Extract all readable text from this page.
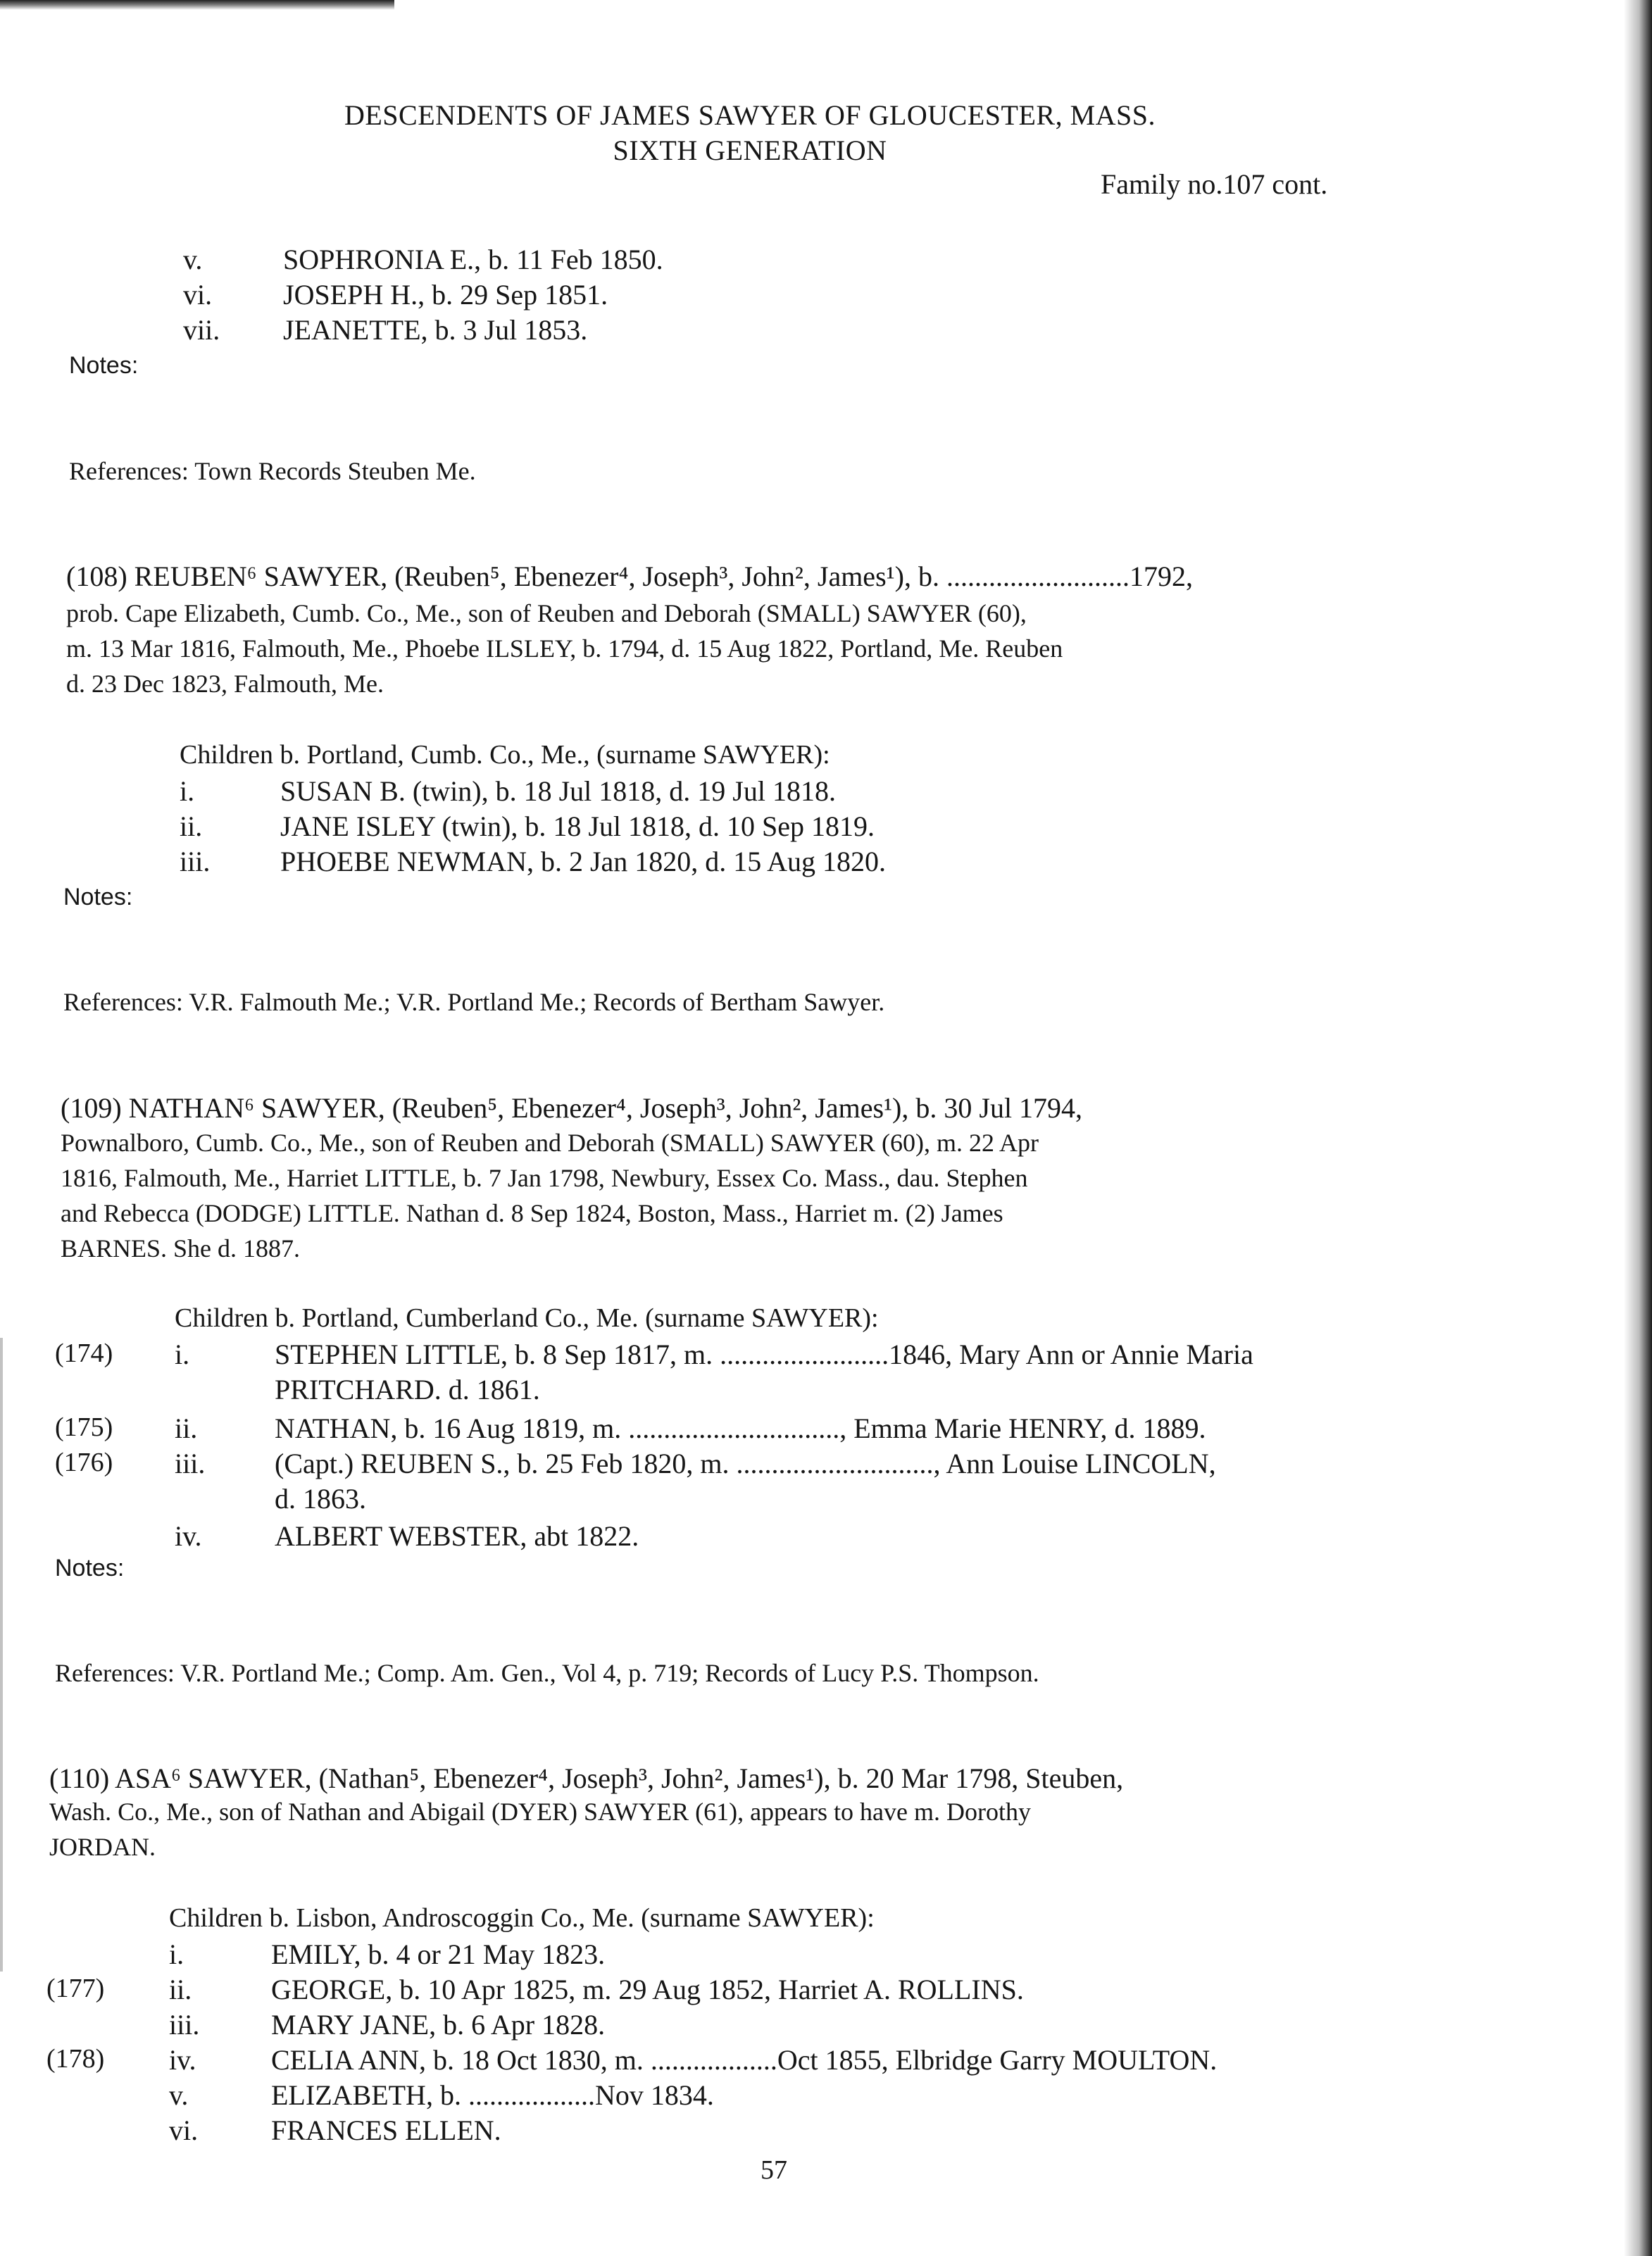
DESCENDENTS OF JAMES SAWYER OF GLOUCESTER, MASS.
SIXTH GENERATION
Family no.107 cont.
v.	SOPHRONIA E., b. 11 Feb 1850.
vi.	JOSEPH H., b. 29 Sep 1851.
vii. JEANETTE, b. 3 Jul 1853.
Notes:
References: Town Records Steuben Me.
(108) REUBEN⁶ SAWYER, (Reuben⁵, Ebenezer⁴, Joseph³, John², James¹), b. ..........................1792,
prob. Cape Elizabeth, Cumb. Co., Me., son of Reuben and Deborah (SMALL) SAWYER (60),
m. 13 Mar 1816, Falmouth, Me., Phoebe ILSLEY, b. 1794, d. 15 Aug 1822, Portland, Me. Reuben
d. 23 Dec 1823, Falmouth, Me.
Children b. Portland, Cumb. Co., Me., (surname SAWYER):
i.	SUSAN B. (twin), b. 18 Jul 1818, d. 19 Jul 1818.
ii.	JANE ISLEY (twin), b. 18 Jul 1818, d. 10 Sep 1819.
iii. PHOEBE NEWMAN, b. 2 Jan 1820, d. 15 Aug 1820.
Notes:
References: V.R. Falmouth Me.; V.R. Portland Me.; Records of Bertham Sawyer.
(109) NATHAN⁶ SAWYER, (Reuben⁵, Ebenezer⁴, Joseph³, John², James¹), b. 30 Jul 1794,
Pownalboro, Cumb. Co., Me., son of Reuben and Deborah (SMALL) SAWYER (60), m. 22 Apr
1816, Falmouth, Me., Harriet LITTLE, b. 7 Jan 1798, Newbury, Essex Co. Mass., dau. Stephen
and Rebecca (DODGE) LITTLE. Nathan d. 8 Sep 1824, Boston, Mass., Harriet m. (2) James
BARNES. She d. 1887.
Children b. Portland, Cumberland Co., Me. (surname SAWYER):
(174) i.	STEPHEN LITTLE, b. 8 Sep 1817, m. ........................1846, Mary Ann or Annie Maria
PRITCHARD. d. 1861.
(175) ii.	NATHAN, b. 16 Aug 1819, m. .............................., Emma Marie HENRY, d. 1889.
(176) iii. (Capt.) REUBEN S., b. 25 Feb 1820, m. ............................, Ann Louise LINCOLN,
d. 1863.
iv.	ALBERT WEBSTER, abt 1822.
Notes:
References: V.R. Portland Me.; Comp. Am. Gen., Vol 4, p. 719; Records of Lucy P.S. Thompson.
(110) ASA⁶ SAWYER, (Nathan⁵, Ebenezer⁴, Joseph³, John², James¹), b. 20 Mar 1798, Steuben,
Wash. Co., Me., son of Nathan and Abigail (DYER) SAWYER (61), appears to have m. Dorothy
JORDAN.
Children b. Lisbon, Androscoggin Co., Me. (surname SAWYER):
i.	EMILY, b. 4 or 21 May 1823.
(177) ii.	GEORGE, b. 10 Apr 1825, m. 29 Aug 1852, Harriet A. ROLLINS.
iii.	MARY JANE, b. 6 Apr 1828.
(178) iv.	CELIA ANN, b. 18 Oct 1830, m. ..................Oct 1855, Elbridge Garry MOULTON.
v.	ELIZABETH, b. ..................Nov 1834.
vi.	FRANCES ELLEN.
57
